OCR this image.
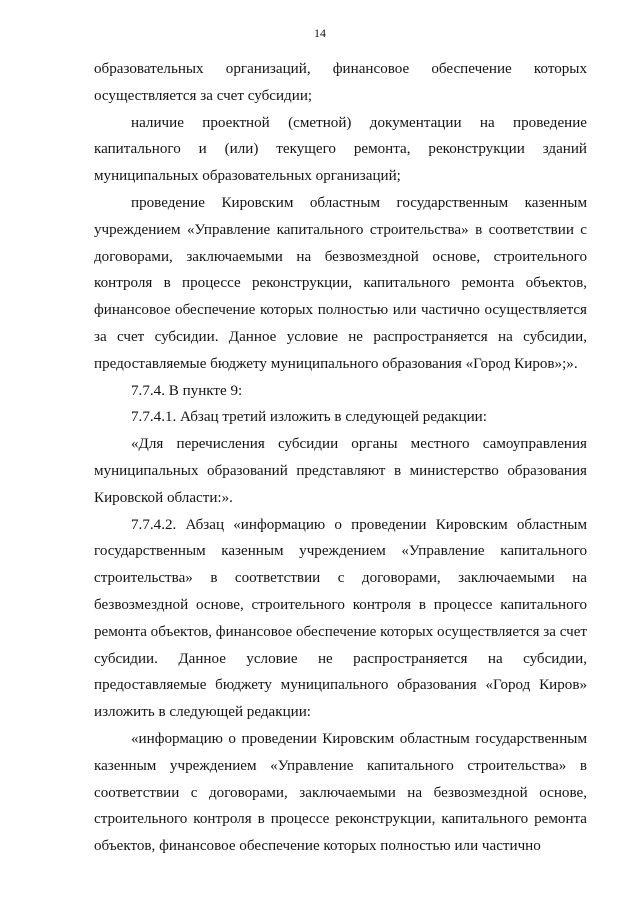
14

образовательных организаций, финансовое обеспечение которых осуществляется за счет субсидии;

наличие проектной (сметной) документации на проведение капитального и (или) текущего ремонта, реконструкции зданий муниципальных образовательных организаций;

проведение Кировским областным государственным казенным учреждением «Управление капитального строительства» в соответствии с договорами, заключаемыми на безвозмездной основе, строительного контроля в процессе реконструкции, капитального ремонта объектов, финансовое обеспечение которых полностью или частично осуществляется за счет субсидии. Данное условие не распространяется на субсидии, предоставляемые бюджету муниципального образования «Город Киров»;».

7.7.4. В пункте 9:

7.7.4.1. Абзац третий изложить в следующей редакции:

«Для перечисления субсидии органы местного самоуправления муниципальных образований представляют в министерство образования Кировской области:».

7.7.4.2. Абзац «информацию о проведении Кировским областным государственным казенным учреждением «Управление капитального строительства» в соответствии с договорами, заключаемыми на безвозмездной основе, строительного контроля в процессе капитального ремонта объектов, финансовое обеспечение которых осуществляется за счет субсидии. Данное условие не распространяется на субсидии, предоставляемые бюджету муниципального образования «Город Киров» изложить в следующей редакции:

«информацию о проведении Кировским областным государственным казенным учреждением «Управление капитального строительства» в соответствии с договорами, заключаемыми на безвозмездной основе, строительного контроля в процессе реконструкции, капитального ремонта объектов, финансовое обеспечение которых полностью или частично
